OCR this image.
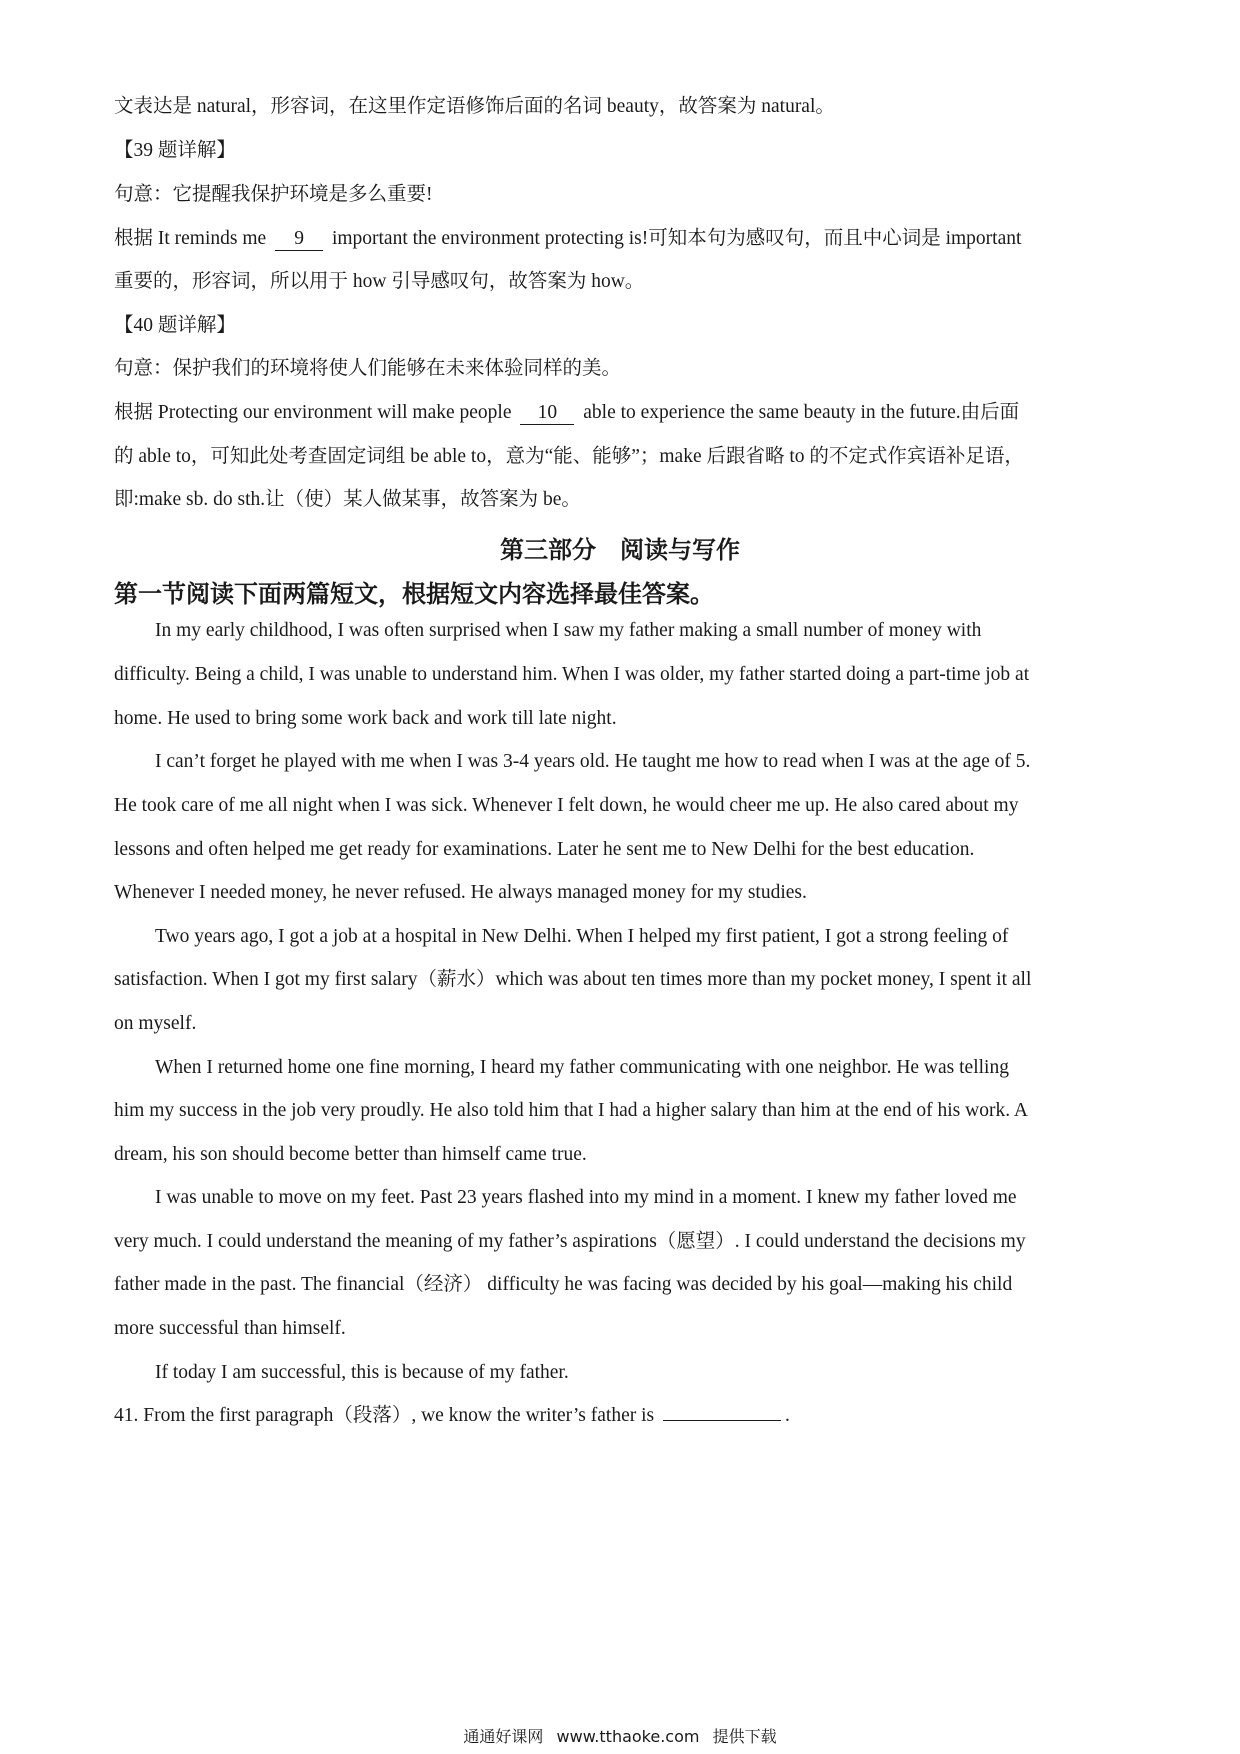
文表达是 natural，形容词，在这里作定语修饰后面的名词 beauty，故答案为 natural。
【39 题详解】
句意：它提醒我保护环境是多么重要!
根据 It reminds me 9 important the environment protecting is!可知本句为感叹句，而且中心词是 important
重要的，形容词，所以用于 how 引导感叹句，故答案为 how。
【40 题详解】
句意：保护我们的环境将使人们能够在未来体验同样的美。
根据 Protecting our environment will make people 10 able to experience the same beauty in the future.由后面
的 able to，可知此处考查固定词组 be able to，意为“能、能够”；make 后跟省略 to 的不定式作宾语补足语，
即:make sb. do sth.让（使）某人做某事，故答案为 be。
第三部分　阅读与写作
第一节阅读下面两篇短文，根据短文内容选择最佳答案。
In my early childhood, I was often surprised when I saw my father making a small number of money with
difficulty. Being a child, I was unable to understand him. When I was older, my father started doing a part-time job at
home. He used to bring some work back and work till late night.
I can’t forget he played with me when I was 3-4 years old. He taught me how to read when I was at the age of 5.
He took care of me all night when I was sick. Whenever I felt down, he would cheer me up. He also cared about my
lessons and often helped me get ready for examinations. Later he sent me to New Delhi for the best education.
Whenever I needed money, he never refused. He always managed money for my studies.
Two years ago, I got a job at a hospital in New Delhi. When I helped my first patient, I got a strong feeling of
satisfaction. When I got my first salary（薪水）which was about ten times more than my pocket money, I spent it all
on myself.
When I returned home one fine morning, I heard my father communicating with one neighbor. He was telling
him my success in the job very proudly. He also told him that I had a higher salary than him at the end of his work. A
dream, his son should become better than himself came true.
I was unable to move on my feet. Past 23 years flashed into my mind in a moment. I knew my father loved me
very much. I could understand the meaning of my father’s aspirations（愿望）. I could understand the decisions my
father made in the past. The financial（经济） difficulty he was facing was decided by his goal—making his child
more successful than himself.
If today I am successful, this is because of my father.
41. From the first paragraph（段落）, we know the writer’s father is	.
通通好课网 www.tthaoke.com 提供下载
